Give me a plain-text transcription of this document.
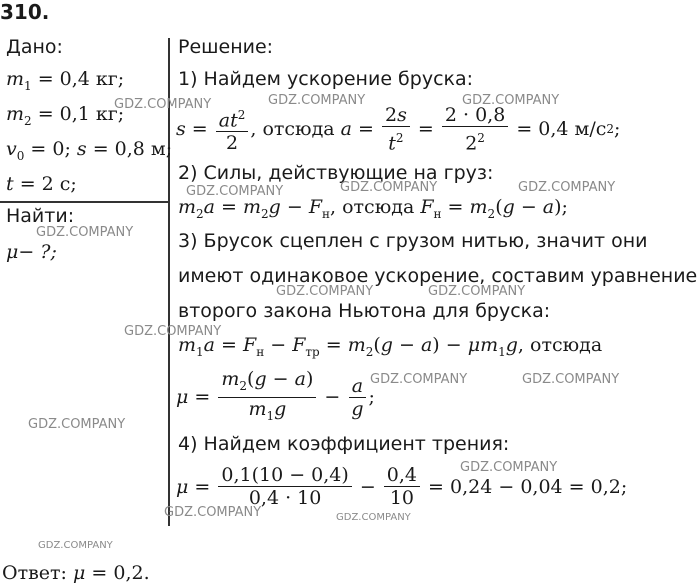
310.
Дано:
$m_1 = 0,4$ кг;
$m_2 = 0,1$ кг;
$v_0 = 0$; s = 0,8 м;
t = 2 с;
Найти:
μ− ?;
Решение:
1) Найдем ускорение бруска:
$s = \frac{at^2}{2}$ , отсюда
$a = \frac{2s}{t^2} = \frac{2 \cdot 0,8}{2^2} = 0,4$ м/с 2 ;
2) Силы, действующие на груз:
$m_2a = m_2g - F_н$, отсюда $F_н = m_2(g - a)$;
3) Брусок сцеплен с грузом нитью, значит они
имеют одинаковое ускорение, составим уравнение
второго закона Ньютона для бруска:
$m_1a = F_н - F_{тр} = m_2(g - a) - \mu m_1g$, отсюда
$\mu = \frac{m_2(g - a)}{m_1g} - \frac{a}{g}$ ;
4) Найдем коэффициент трения:
$\mu = \frac{0,1(10 - 0,4)}{0,4 \cdot 10} - \frac{0,4}{10} = 0,24 - 0,04 = 0,2$;
Ответ: μ = 0,2.
GDZ.COMPANY	GDZ.COMPANY	GDZ.COMPANY
GDZ.COMPANY	GDZ.COMPANY	GDZ.COMPANY
GDZ.COMPANY
GDZ.COMPANY	GDZ.COMPANY
GDZ.COMPANY
GDZ.COMPANY	GDZ.COMPANY
GDZ.COMPANY
GDZ.COMPANY
GDZ.COMPANY	GDZ.COMPANY
GDZ.COMPANY
